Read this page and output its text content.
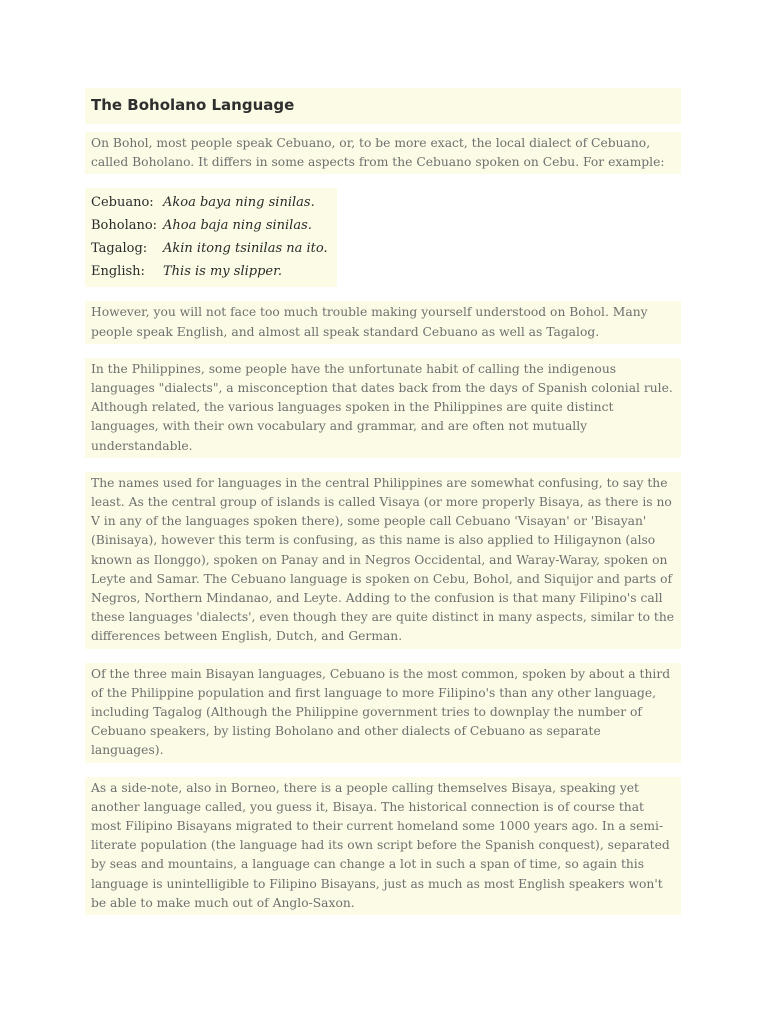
The Boholano Language

On Bohol, most people speak Cebuano, or, to be more exact, the local dialect of Cebuano, called Boholano. It differs in some aspects from the Cebuano spoken on Cebu. For example:

Cebuano: Akoa baya ning sinilas.
Boholano: Ahoa baja ning sinilas.
Tagalog:	Akin itong tsinilas na ito.
English:	This is my slipper.

However, you will not face too much trouble making yourself understood on Bohol. Many people speak English, and almost all speak standard Cebuano as well as Tagalog.

In the Philippines, some people have the unfortunate habit of calling the indigenous languages "dialects", a misconception that dates back from the days of Spanish colonial rule. Although related, the various languages spoken in the Philippines are quite distinct languages, with their own vocabulary and grammar, and are often not mutually understandable.

The names used for languages in the central Philippines are somewhat confusing, to say the least. As the central group of islands is called Visaya (or more properly Bisaya, as there is no V in any of the languages spoken there), some people call Cebuano 'Visayan' or 'Bisayan' (Binisaya), however this term is confusing, as this name is also applied to Hiligaynon (also known as Ilonggo), spoken on Panay and in Negros Occidental, and Waray-Waray, spoken on Leyte and Samar. The Cebuano language is spoken on Cebu, Bohol, and Siquijor and parts of Negros, Northern Mindanao, and Leyte. Adding to the confusion is that many Filipino's call these languages 'dialects', even though they are quite distinct in many aspects, similar to the differences between English, Dutch, and German.

Of the three main Bisayan languages, Cebuano is the most common, spoken by about a third of the Philippine population and first language to more Filipino's than any other language, including Tagalog (Although the Philippine government tries to downplay the number of Cebuano speakers, by listing Boholano and other dialects of Cebuano as separate languages).

As a side-note, also in Borneo, there is a people calling themselves Bisaya, speaking yet another language called, you guess it, Bisaya. The historical connection is of course that most Filipino Bisayans migrated to their current homeland some 1000 years ago. In a semi-literate population (the language had its own script before the Spanish conquest), separated by seas and mountains, a language can change a lot in such a span of time, so again this language is unintelligible to Filipino Bisayans, just as much as most English speakers won't be able to make much out of Anglo-Saxon.
